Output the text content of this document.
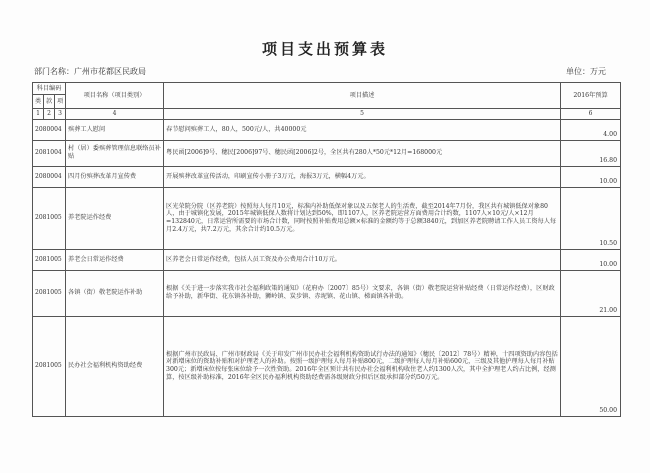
项目支出预算表
部门名称：广州市花都区民政局	单位：万元
科目编码			项目名称（项目类别）	项目描述	2016年预算
类	款	项			
1	2	3	4	5	6
2080004			殡葬工人慰问	春节慰问殡葬工人，80人，500元/人，共40000元	4.00
2081004			村（居）委殡葬管理信息联络员补贴	粤民函[2006]9号、穗民[2006]97号、穗民函[2006]2号，全区共有280人*50元*12月=168000元	16.80
2080004			四月份殡葬改革月宣传费	开展殡葬改革宣传活动，印刷宣传小册子3万元，海报3万元，横幅4万元。	10.00
2081005			养老院运作经费	区光荣院分院（区养老院）按照每人每月10元，标准内补助低保对象以及五保老人的生活费，截至2014年7月份，我区共有城镇低保对象80人，由于城镇化发展，2015年城镇低保人数将计划达到50%，即1107人，区养老院运营方面费用合计约数，1107人×10元/人×12月=132840元，日常运营所需要的市场合计数，同时按照补贴费用总额×标准的金额约等于总额3840元，到加区养老院聘请工作人员工资每人每月2.4万元，共7.2万元，其余合计约10.5万元。	10.50
2081005			养老会日常运作经费	区养老会日常运作经费，包括人员工资及办公费用合计10万元。	10.00
2081005			各镇（街）敬老院运作补助	根据《关于进一步落实我市社会福利政策的通知》（花府办〔2007〕85号）文要求，各镇（街）敬老院运营补贴经费（日常运作经费），区财政给予补助，新华街、花东镇各补助，狮岭镇、炭步镇、赤坭镇、花山镇、梯面镇各补助。	21.00
2081005			民办社会福利机构资助经费	根据广州市民政局、广州市财政局《关于印发广州市民办社会福利机构资助试行办法的通知》（穗民〔2012〕78号）精神，十四项资助内容包括对新增床位的资助补贴和对护理老人的补助。按照一级护理每人每月补贴800元，二级护理每人每月补贴600元，三级及其他护理每人每月补贴300元；新增床位按每张床位给予一次性资助。2016年全区预计共有民办社会福利机构收住老人约1300人次，其中全护理老人约占比例，经测算，按区级补助标准，2016年全区民办福利机构资助经费需各级财政分担后区级承担部分约50万元。	50.00
